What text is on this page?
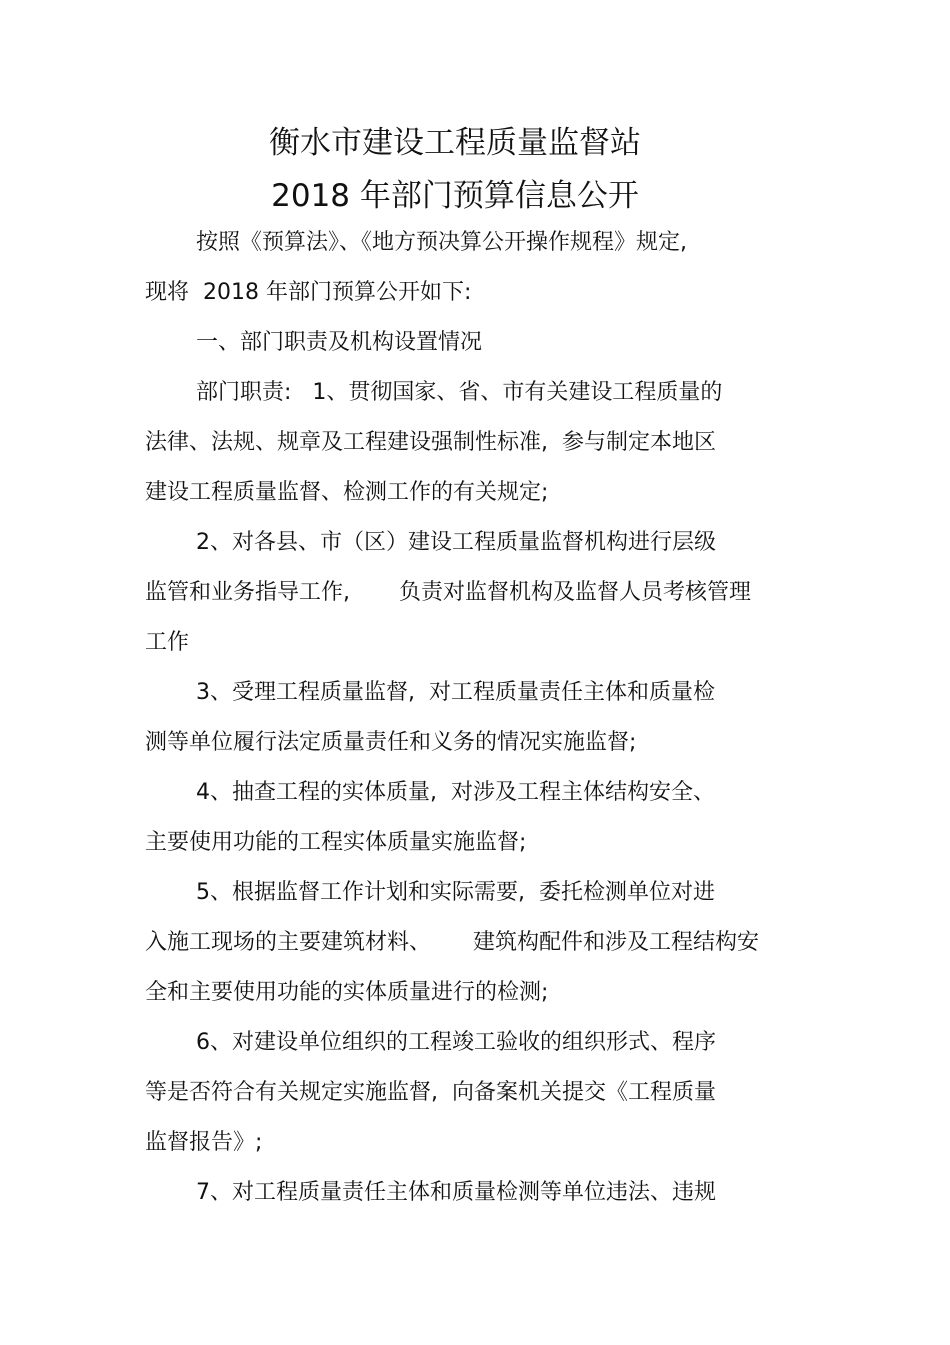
衡水市建设工程质量监督站
2018 年部门预算信息公开
按照《预算法》、《地方预决算公开操作规程》规定,
现将  2018 年部门预算公开如下:
一、部门职责及机构设置情况
部门职责:   1、贯彻国家、省、市有关建设工程质量的
法律、法规、规章及工程建设强制性标准,  参与制定本地区
建设工程质量监督、检测工作的有关规定;
2、对各县、市（区）建设工程质量监督机构进行层级
监管和业务指导工作,       负责对监督机构及监督人员考核管理
工作
3、受理工程质量监督,  对工程质量责任主体和质量检
测等单位履行法定质量责任和义务的情况实施监督;
4、抽查工程的实体质量,  对涉及工程主体结构安全、
主要使用功能的工程实体质量实施监督;
5、根据监督工作计划和实际需要,  委托检测单位对进
入施工现场的主要建筑材料、      建筑构配件和涉及工程结构安
全和主要使用功能的实体质量进行的检测;
6、对建设单位组织的工程竣工验收的组织形式、程序
等是否符合有关规定实施监督,  向备案机关提交《工程质量
监督报告》;
7、对工程质量责任主体和质量检测等单位违法、违规
